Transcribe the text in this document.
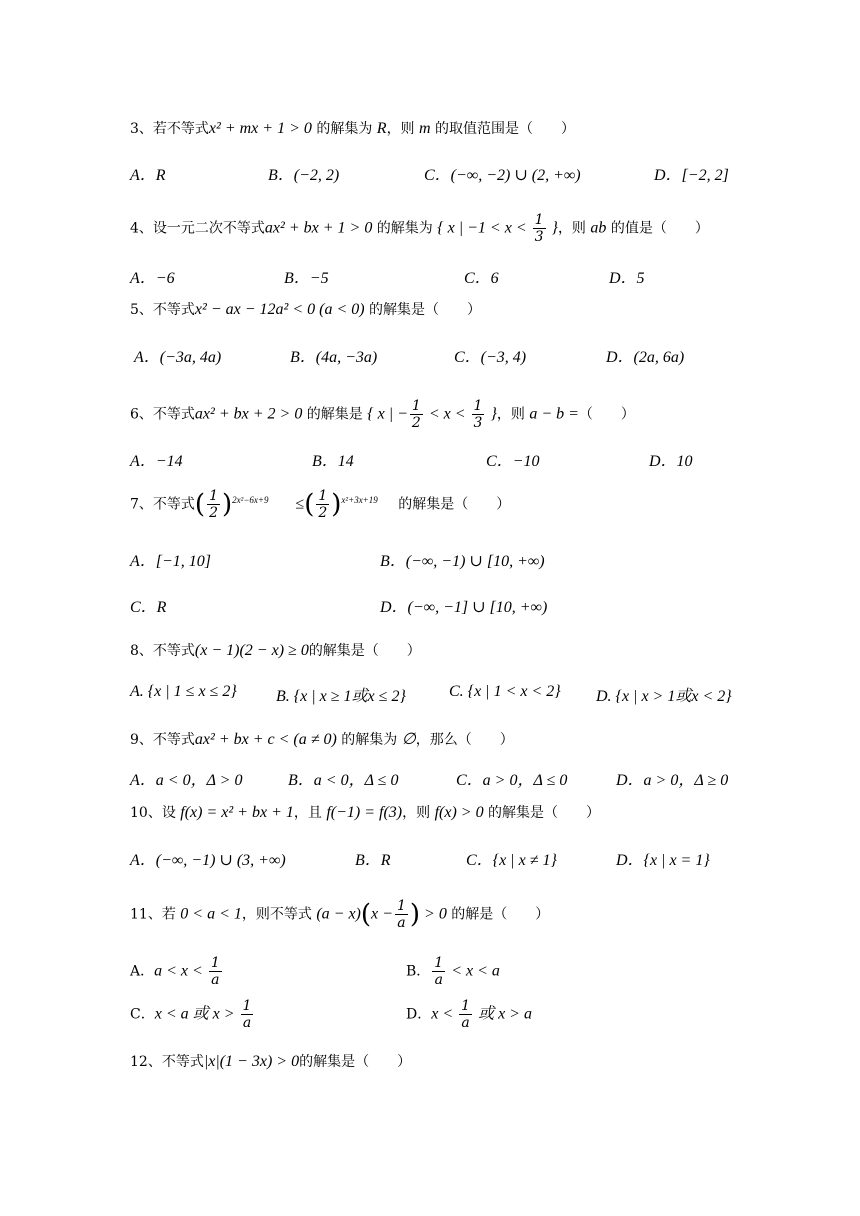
3、若不等式x² + mx + 1 > 0 的解集为 R，则 m 的取值范围是（　　）
A．R	B．(−2, 2)	C．(−∞, −2) ∪ (2, +∞)	D．[−2, 2]
4、设一元二次不等式ax² + bx + 1 > 0 的解集为 { x | $-1 < x < \frac{1}{3}$ }，则 ab 的值是（　　）
A．−6	B．−5	C．6	D．5
5、不等式x² − ax − 12a² < 0 (a < 0) 的解集是（　　）
A．(−3a, 4a)	B．(4a, −3a)	C．(−3, 4)	D．(2a, 6a)
6、不等式ax² + bx + 2 > 0 的解集是 { x | − $\frac{1}{2} < x < \frac{1}{3}$ }，则 a − b =（　　）
A．−14	B．14	C．−10	D．10
7、不等式( $\frac{1}{2} )^{2x^2-6x+9}$ ≤( $\frac{1}{2} )^{x^2+3x+19}$ 的解集是（　　）
A．[−1, 10]	B．(−∞, −1) ∪ [10, +∞)
C．R	D．(−∞, −1] ∪ [10, +∞)
8、不等式(x − 1)(2 − x) ≥ 0的解集是（　　）
A. {x | 1 ≤ x ≤ 2} B. {x | x ≥ 1或x ≤ 2}	C. {x | 1 < x < 2} D. {x | x > 1或x < 2}
9、不等式ax² + bx + c < (a ≠ 0) 的解集为 ∅，那么（　　）
A．a < 0，Δ > 0	B．a < 0，Δ ≤ 0	C．a > 0，Δ ≤ 0	D．a > 0，Δ ≥ 0
10、设 f(x) = x² + bx + 1，且 f(−1) = f(3)，则 f(x) > 0 的解集是（　　）
A．(−∞, −1) ∪ (3, +∞)	B．R	C．{x | x ≠ 1}	D．{x | x = 1}
11、若 0 < a < 1，则不等式 $(a - x)(x - \frac{1}{a}$ ) > 0 的解是（　　）
A．$a < x < \frac{1}{a}$	B． $\frac{1}{a} < x < a$
C．x < a 或 $x > \frac{1}{a}$	D．$x < \frac{1}{a}$ 或 x > a
12、不等式|x|(1 − 3x) > 0的解集是（　　）
